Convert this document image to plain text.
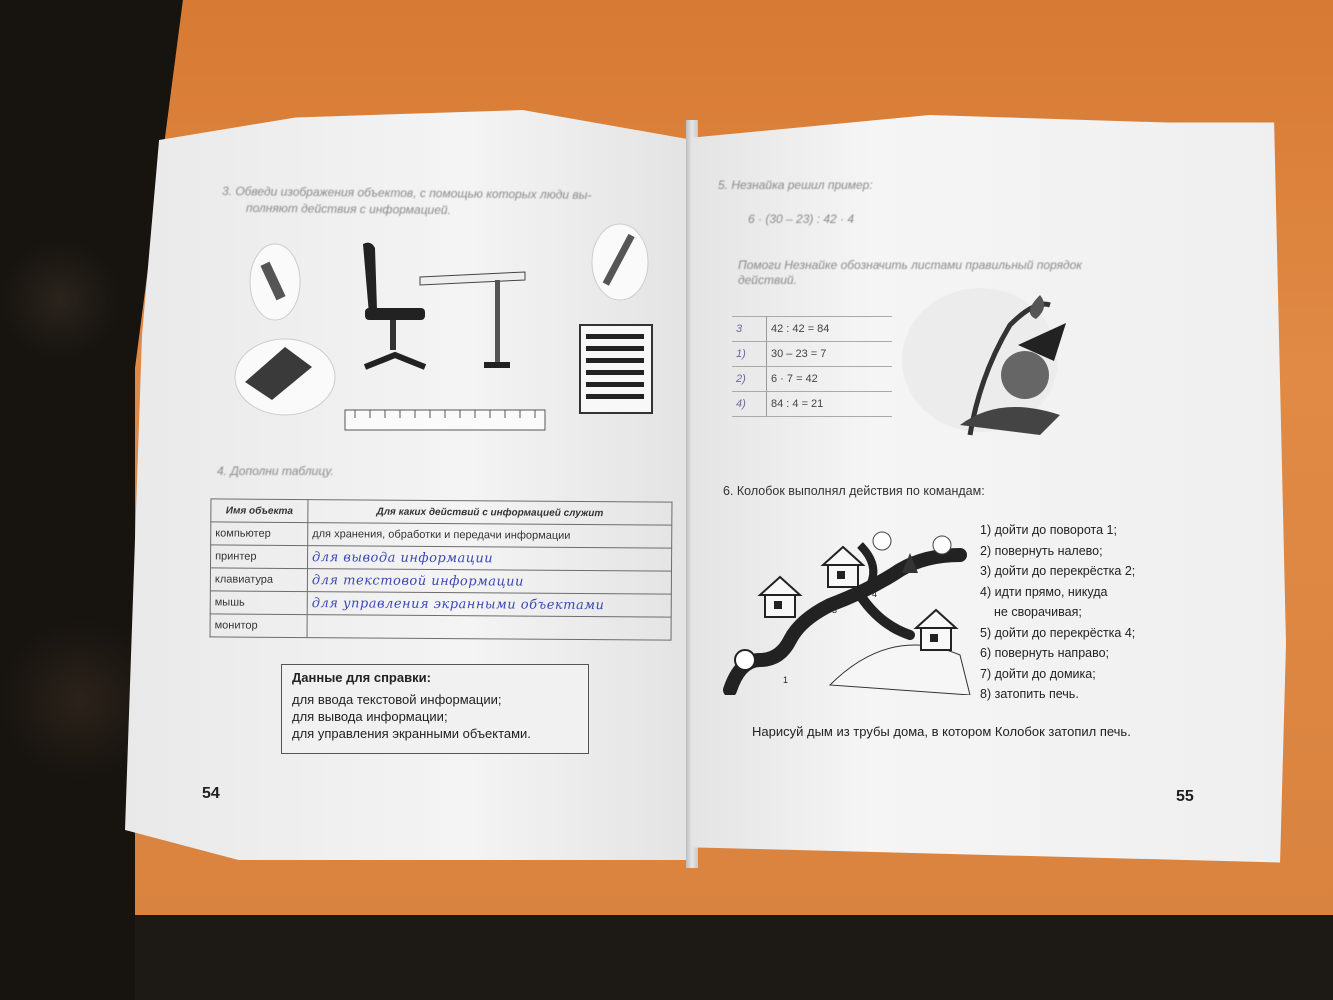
3. Обведи изображения объектов, с помощью которых люди вы-
полняют действия с информацией.
4. Дополни таблицу.
Имя объекта	Для каких действий с информацией служит
компьютер	для хранения, обработки и передачи информации
принтер	для вывода информации
клавиатура	для текстовой информации
мышь	для управления экранными объектами
монитор	
Данные для справки:
для ввода текстовой информации;
для вывода информации;
для управления экранными объектами.
54
5. Незнайка решил пример:
6 · (30 – 23) : 42 · 4
Помоги Незнайке обозначить листами правильный порядок
действий.
3	42 : 42 = 84
1)	30 – 23 = 7
2)	6 · 7 = 42
4)	84 : 4 = 21
6. Колобок выполнял действия по командам:
1
2
3
4
1) дойти до поворота 1;
2) повернуть налево;
3) дойти до перекрёстка 2;
4) идти прямо, никуда
не сворачивая;
5) дойти до перекрёстка 4;
6) повернуть направо;
7) дойти до домика;
8) затопить печь.
Нарисуй дым из трубы дома, в котором Колобок затопил печь.
55
